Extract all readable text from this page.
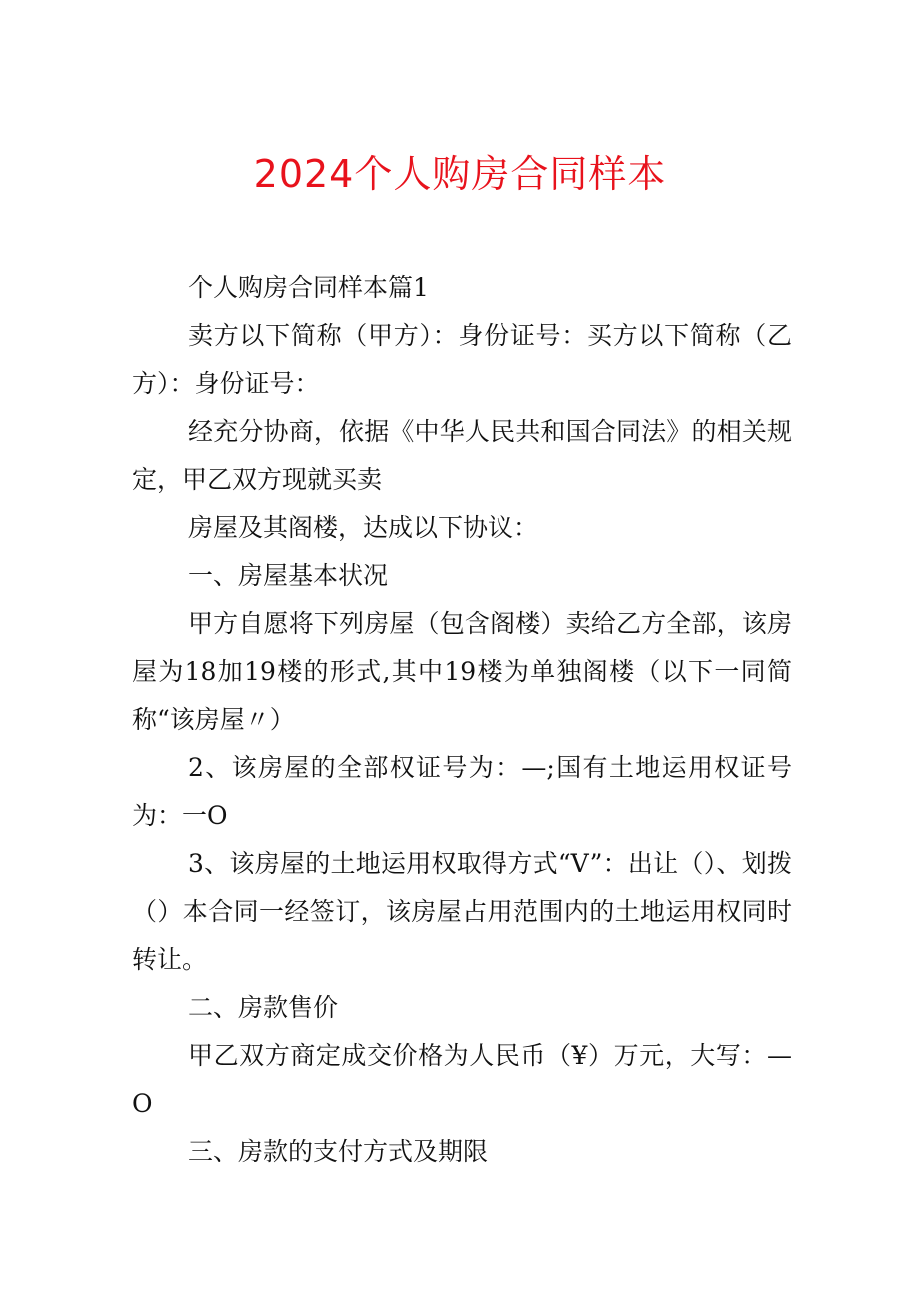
2024个人购房合同样本

个人购房合同样本篇1

卖方以下简称（甲方）：身份证号：买方以下简称（乙方）：身份证号：

经充分协商，依据《中华人民共和国合同法》的相关规定，甲乙双方现就买卖

房屋及其阁楼，达成以下协议：

一、房屋基本状况

甲方自愿将下列房屋（包含阁楼）卖给乙方全部，该房屋为18加19楼的形式,其中19楼为单独阁楼（以下一同简称“该房屋〃）

2、该房屋的全部权证号为：—;国有土地运用权证号为：一O

3、该房屋的土地运用权取得方式“V”：出让（）、划拨（）本合同一经签订，该房屋占用范围内的土地运用权同时转让。

二、房款售价

甲乙双方商定成交价格为人民币（¥）万元，大写：—O

三、房款的支付方式及期限
